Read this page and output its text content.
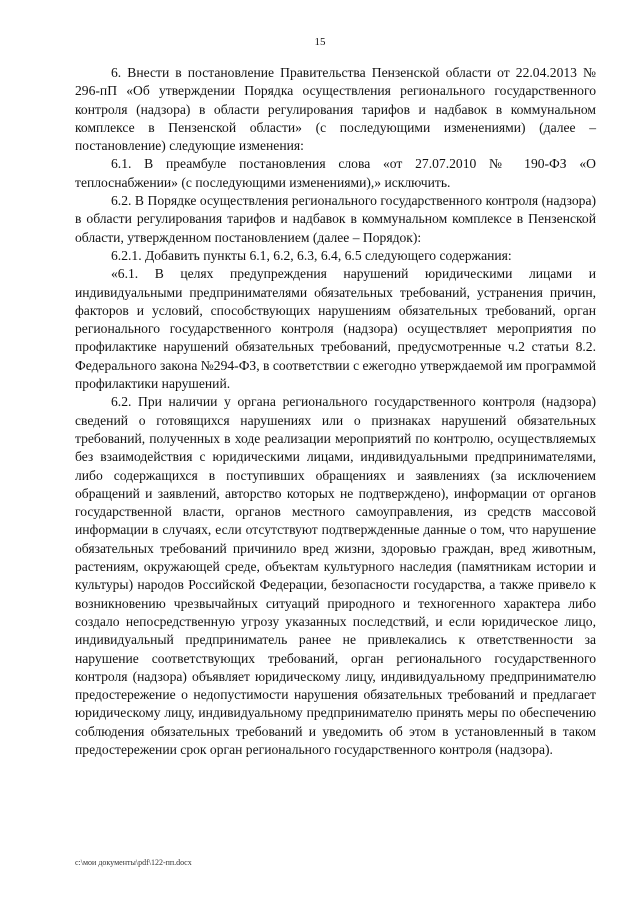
15

6. Внести в постановление Правительства Пензенской области от 22.04.2013 № 296-пП «Об утверждении Порядка осуществления регионального государственного контроля (надзора) в области регулирования тарифов и надбавок в коммунальном комплексе в Пензенской области» (с последующими изменениями) (далее – постановление) следующие изменения:

6.1. В преамбуле постановления слова «от 27.07.2010 № 190-ФЗ «О теплоснабжении» (с последующими изменениями),» исключить.

6.2. В Порядке осуществления регионального государственного контроля (надзора) в области регулирования тарифов и надбавок в коммунальном комплексе в Пензенской области, утвержденном постановлением (далее – Порядок):

6.2.1. Добавить пункты 6.1, 6.2, 6.3, 6.4, 6.5 следующего содержания:

«6.1. В целях предупреждения нарушений юридическими лицами и индивидуальными предпринимателями обязательных требований, устранения причин, факторов и условий, способствующих нарушениям обязательных требований, орган регионального государственного контроля (надзора) осуществляет мероприятия по профилактике нарушений обязательных требований, предусмотренные ч.2 статьи 8.2. Федерального закона №294-ФЗ, в соответствии с ежегодно утверждаемой им программой профилактики нарушений.

6.2. При наличии у органа регионального государственного контроля (надзора) сведений о готовящихся нарушениях или о признаках нарушений обязательных требований, полученных в ходе реализации мероприятий по контролю, осуществляемых без взаимодействия с юридическими лицами, индивидуальными предпринимателями, либо содержащихся в поступивших обращениях и заявлениях (за исключением обращений и заявлений, авторство которых не подтверждено), информации от органов государственной власти, органов местного самоуправления, из средств массовой информации в случаях, если отсутствуют подтвержденные данные о том, что нарушение обязательных требований причинило вред жизни, здоровью граждан, вред животным, растениям, окружающей среде, объектам культурного наследия (памятникам истории и культуры) народов Российской Федерации, безопасности государства, а также привело к возникновению чрезвычайных ситуаций природного и техногенного характера либо создало непосредственную угрозу указанных последствий, и если юридическое лицо, индивидуальный предприниматель ранее не привлекались к ответственности за нарушение соответствующих требований, орган регионального государственного контроля (надзора) объявляет юридическому лицу, индивидуальному предпринимателю предостережение о недопустимости нарушения обязательных требований и предлагает юридическому лицу, индивидуальному предпринимателю принять меры по обеспечению соблюдения обязательных требований и уведомить об этом в установленный в таком предостережении срок орган регионального государственного контроля (надзора).

c:\мои документы\pdf\122-пп.docx
